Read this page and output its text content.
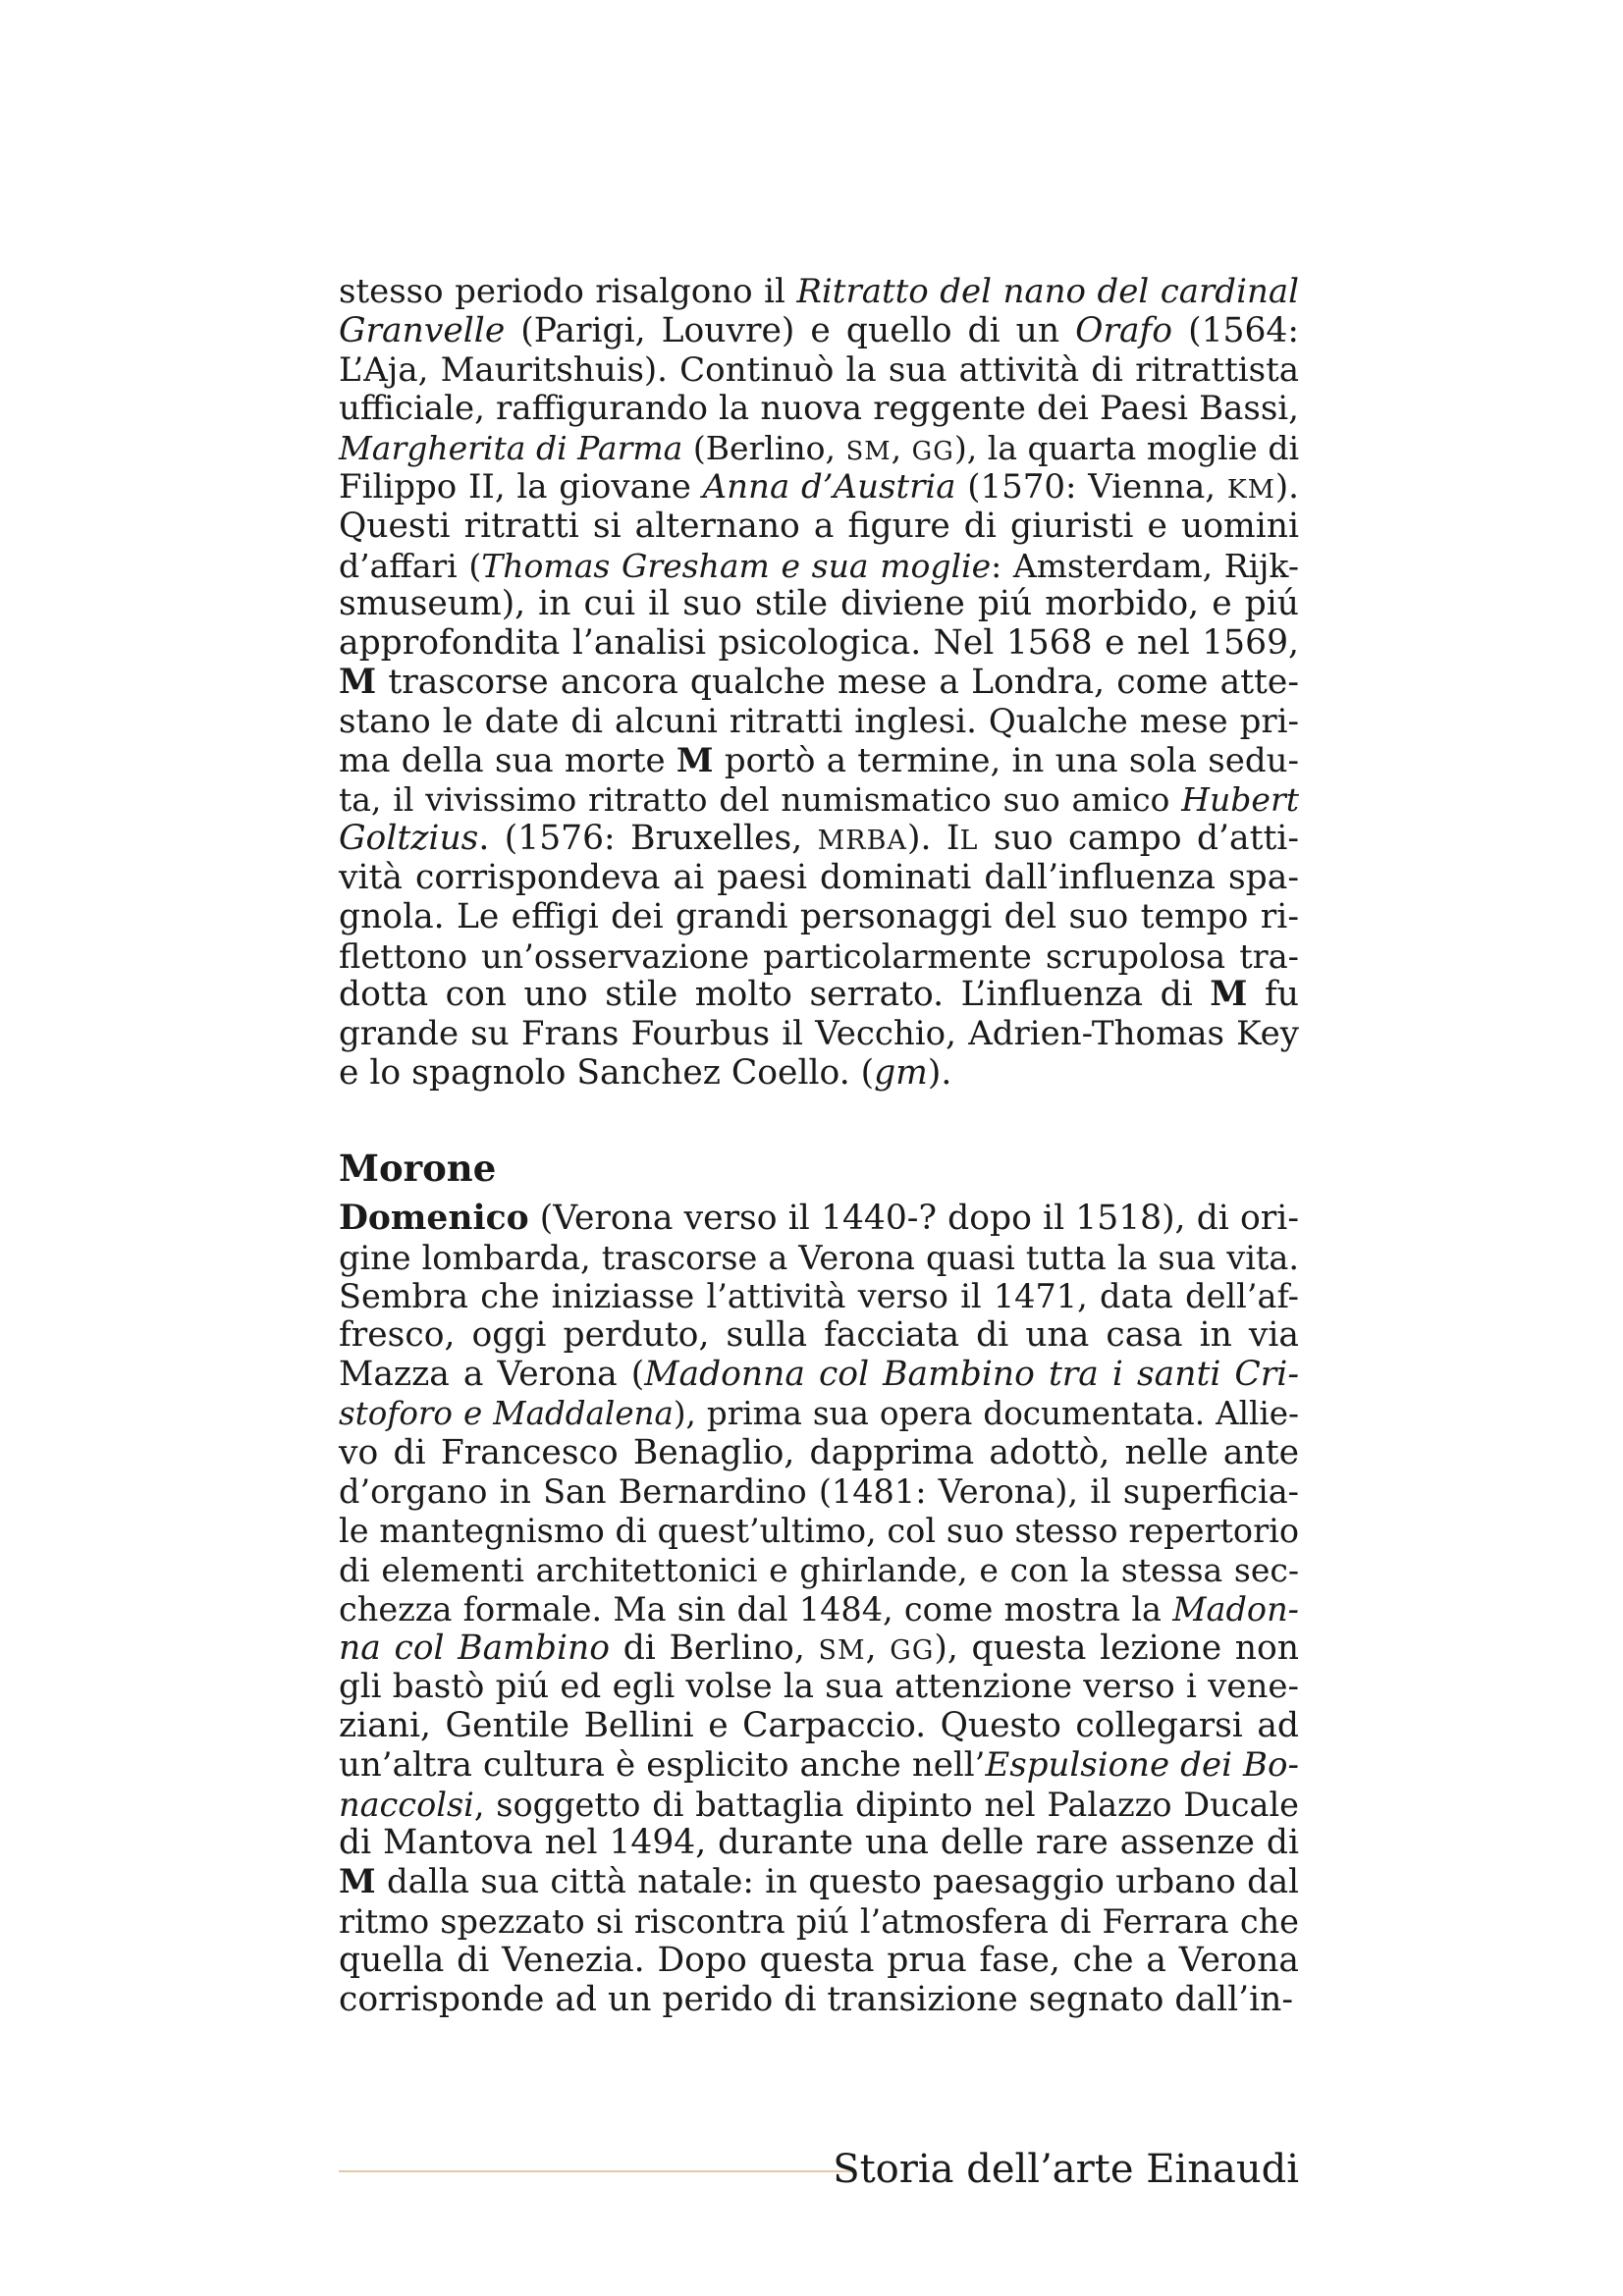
stesso periodo risalgono il Ritratto del nano del cardinal
Granvelle (Parigi, Louvre) e quello di un Orafo (1564:
L’Aja, Mauritshuis). Continuò la sua attività di ritrattista
ufficiale, raffigurando la nuova reggente dei Paesi Bassi,
Margherita di Parma (Berlino, SM, GG), la quarta moglie di
Filippo II, la giovane Anna d’Austria (1570: Vienna, KM).
Questi ritratti si alternano a figure di giuristi e uomini
d’affari (Thomas Gresham e sua moglie: Amsterdam, Rijk-
smuseum), in cui il suo stile diviene piú morbido, e piú
approfondita l’analisi psicologica. Nel 1568 e nel 1569,
M trascorse ancora qualche mese a Londra, come atte-
stano le date di alcuni ritratti inglesi. Qualche mese pri-
ma della sua morte M portò a termine, in una sola sedu-
ta, il vivissimo ritratto del numismatico suo amico Hubert
Goltzius. (1576: Bruxelles, MRBA). IL suo campo d’atti-
vità corrispondeva ai paesi dominati dall’influenza spa-
gnola. Le effigi dei grandi personaggi del suo tempo ri-
flettono un’osservazione particolarmente scrupolosa tra-
dotta con uno stile molto serrato. L’influenza di M fu
grande su Frans Fourbus il Vecchio, Adrien-Thomas Key
e lo spagnolo Sanchez Coello. (gm).
Morone
Domenico (Verona verso il 1440-? dopo il 1518), di ori-
gine lombarda, trascorse a Verona quasi tutta la sua vita.
Sembra che iniziasse l’attività verso il 1471, data dell’af-
fresco, oggi perduto, sulla facciata di una casa in via
Mazza a Verona (Madonna col Bambino tra i santi Cri-
stoforo e Maddalena), prima sua opera documentata. Allie-
vo di Francesco Benaglio, dapprima adottò, nelle ante
d’organo in San Bernardino (1481: Verona), il superficia-
le mantegnismo di quest’ultimo, col suo stesso repertorio
di elementi architettonici e ghirlande, e con la stessa sec-
chezza formale. Ma sin dal 1484, come mostra la Madon-
na col Bambino di Berlino, SM, GG), questa lezione non
gli bastò piú ed egli volse la sua attenzione verso i vene-
ziani, Gentile Bellini e Carpaccio. Questo collegarsi ad
un’altra cultura è esplicito anche nell’Espulsione dei Bo-
naccolsi, soggetto di battaglia dipinto nel Palazzo Ducale
di Mantova nel 1494, durante una delle rare assenze di
M dalla sua città natale: in questo paesaggio urbano dal
ritmo spezzato si riscontra piú l’atmosfera di Ferrara che
quella di Venezia. Dopo questa prua fase, che a Verona
corrisponde ad un perido di transizione segnato dall’in-
Storia dell’arte Einaudi
